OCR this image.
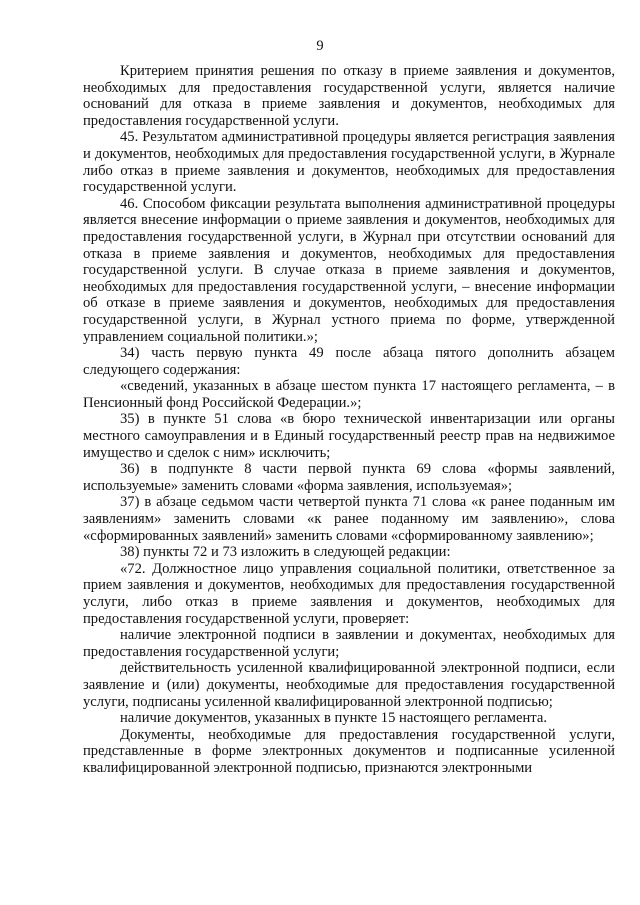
9

Критерием принятия решения по отказу в приеме заявления и документов, необходимых для предоставления государственной услуги, является наличие оснований для отказа в приеме заявления и документов, необходимых для предоставления государственной услуги.

45. Результатом административной процедуры является регистрация заявления и документов, необходимых для предоставления государственной услуги, в Журнале либо отказ в приеме заявления и документов, необходимых для предоставления государственной услуги.

46. Способом фиксации результата выполнения административной процедуры является внесение информации о приеме заявления и документов, необходимых для предоставления государственной услуги, в Журнал при отсутствии оснований для отказа в приеме заявления и документов, необходимых для предоставления государственной услуги. В случае отказа в приеме заявления и документов, необходимых для предоставления государственной услуги, – внесение информации об отказе в приеме заявления и документов, необходимых для предоставления государственной услуги, в Журнал устного приема по форме, утвержденной управлением социальной политики.»;

34) часть первую пункта 49 после абзаца пятого дополнить абзацем следующего содержания:

«сведений, указанных в абзаце шестом пункта 17 настоящего регламента, – в Пенсионный фонд Российской Федерации.»;

35) в пункте 51 слова «в бюро технической инвентаризации или органы местного самоуправления и в Единый государственный реестр прав на недвижимое имущество и сделок с ним» исключить;

36) в подпункте 8 части первой пункта 69 слова «формы заявлений, используемые» заменить словами «форма заявления, используемая»;

37) в абзаце седьмом части четвертой пункта 71 слова «к ранее поданным им заявлениям» заменить словами «к ранее поданному им заявлению», слова «сформированных заявлений» заменить словами «сформированному заявлению»;

38) пункты 72 и 73 изложить в следующей редакции:

«72. Должностное лицо управления социальной политики, ответственное за прием заявления и документов, необходимых для предоставления государственной услуги, либо отказ в приеме заявления и документов, необходимых для предоставления государственной услуги, проверяет:

наличие электронной подписи в заявлении и документах, необходимых для предоставления государственной услуги;

действительность усиленной квалифицированной электронной подписи, если заявление и (или) документы, необходимые для предоставления государственной услуги, подписаны усиленной квалифицированной электронной подписью;

наличие документов, указанных в пункте 15 настоящего регламента.

Документы, необходимые для предоставления государственной услуги, представленные в форме электронных документов и подписанные усиленной квалифицированной электронной подписью, признаются электронными
